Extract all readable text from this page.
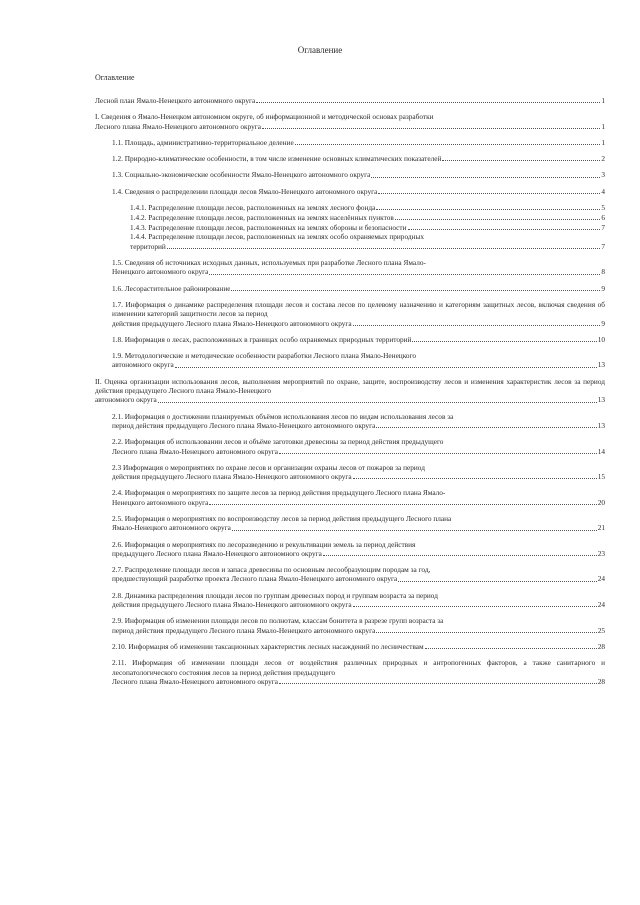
Оглавление
Оглавление
Лесной план Ямало-Ненецкого автономного округа	1
I. Сведения о Ямало-Ненецком автономном округе, об информационной и методической основах разработки
Лесного плана Ямало-Ненецкого автономного округа	1
1.1. Площадь, административно-территориальное деление	1
1.2. Природно-климатические особенности, в том числе изменение основных климатических показателей	2
1.3. Социально-экономические особенности Ямало-Ненецкого автономного округа	3
1.4. Сведения о распределении площади лесов Ямало-Ненецкого автономного округа	4
1.4.1. Распределение площади лесов, расположенных на землях лесного фонда	5
1.4.2. Распределение площади лесов, расположенных на землях населённых пунктов	6
1.4.3. Распределение площади лесов, расположенных на землях обороны и безопасности	7
1.4.4. Распределение площади лесов, расположенных на землях особо охраняемых природных
территорий	7
1.5. Сведения об источниках исходных данных, используемых при разработке Лесного плана Ямало-
Ненецкого автономного округа	8
1.6. Лесорастительное районирование	9
1.7. Информация о динамике распределения площади лесов и состава лесов по целевому назначению и категориям защитных лесов, включая сведения об изменении категорий защитности лесов за период
действия предыдущего Лесного плана Ямало-Ненецкого автономного округа	9
1.8. Информация о лесах, расположенных в границах особо охраняемых природных территорий	10
1.9. Методологические и методические особенности разработки Лесного плана Ямало-Ненецкого
автономного округа	13
II. Оценка организации использования лесов, выполнения мероприятий по охране, защите, воспроизводству лесов и изменения характеристик лесов за период действия предыдущего Лесного плана Ямало-Ненецкого
автономного округа	13
2.1. Информация о достижении планируемых объёмов использования лесов по видам использования лесов за
период действия предыдущего Лесного плана Ямало-Ненецкого автономного округа	13
2.2. Информация об использовании лесов и объёме заготовки древесины за период действия предыдущего
Лесного плана Ямало-Ненецкого автономного округа	14
2.3 Информация о мероприятиях по охране лесов и организации охраны лесов от пожаров за период
действия предыдущего Лесного плана Ямало-Ненецкого автономного округа	15
2.4. Информация о мероприятиях по защите лесов за период действия предыдущего Лесного плана Ямало-
Ненецкого автономного округа	20
2.5. Информация о мероприятиях по воспроизводству лесов за период действия предыдущего Лесного плана
Ямало-Ненецкого автономного округа	21
2.6. Информация о мероприятиях по лесоразведению и рекультивации земель за период действия
предыдущего Лесного плана Ямало-Ненецкого автономного округа	23
2.7. Распределение площади лесов и запаса древесины по основным лесообразующим породам за год,
предшествующий разработке проекта Лесного плана Ямало-Ненецкого автономного округа	24
2.8. Динамика распределения площади лесов по группам древесных пород и группам возраста за период
действия предыдущего Лесного плана Ямало-Ненецкого автономного округа	24
2.9. Информация об изменении площади лесов по полнотам, классам бонитета в разрезе групп возраста за
период действия предыдущего Лесного плана Ямало-Ненецкого автономного округа	25
2.10. Информация об изменении таксационных характеристик лесных насаждений по лесничествам	28
2.11. Информация об изменении площади лесов от воздействия различных природных и антропогенных факторов, а также санитарного и лесопатологического состояния лесов за период действия предыдущего
Лесного плана Ямало-Ненецкого автономного округа	28
